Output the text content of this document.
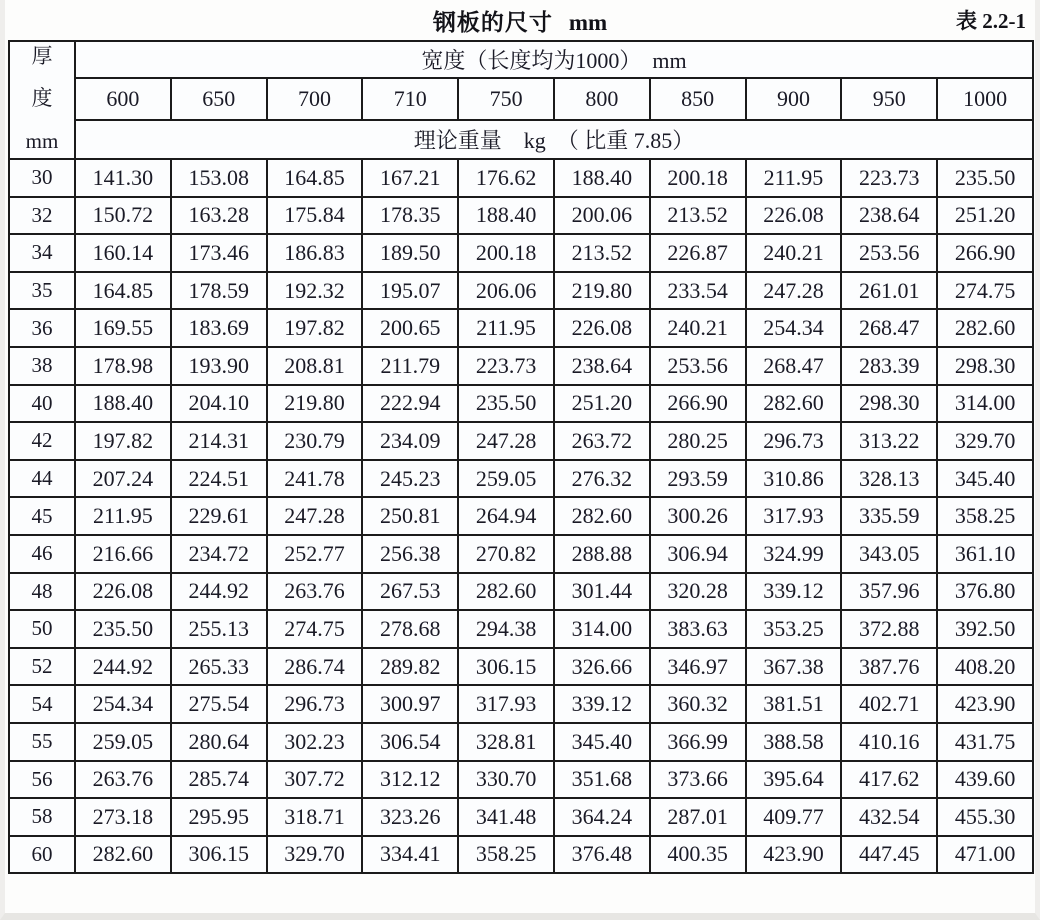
钢板的尺寸 mm	表 2.2-1
厚
度
mm	宽度（长度均为1000）　mm									
	600	650	700	710	750	800	850	900	950	1000
	理论重量　kg　（ 比重 7.85）									
30	141.30	153.08	164.85	167.21	176.62	188.40	200.18	211.95	223.73	235.50
32	150.72	163.28	175.84	178.35	188.40	200.06	213.52	226.08	238.64	251.20
34	160.14	173.46	186.83	189.50	200.18	213.52	226.87	240.21	253.56	266.90
35	164.85	178.59	192.32	195.07	206.06	219.80	233.54	247.28	261.01	274.75
36	169.55	183.69	197.82	200.65	211.95	226.08	240.21	254.34	268.47	282.60
38	178.98	193.90	208.81	211.79	223.73	238.64	253.56	268.47	283.39	298.30
40	188.40	204.10	219.80	222.94	235.50	251.20	266.90	282.60	298.30	314.00
42	197.82	214.31	230.79	234.09	247.28	263.72	280.25	296.73	313.22	329.70
44	207.24	224.51	241.78	245.23	259.05	276.32	293.59	310.86	328.13	345.40
45	211.95	229.61	247.28	250.81	264.94	282.60	300.26	317.93	335.59	358.25
46	216.66	234.72	252.77	256.38	270.82	288.88	306.94	324.99	343.05	361.10
48	226.08	244.92	263.76	267.53	282.60	301.44	320.28	339.12	357.96	376.80
50	235.50	255.13	274.75	278.68	294.38	314.00	383.63	353.25	372.88	392.50
52	244.92	265.33	286.74	289.82	306.15	326.66	346.97	367.38	387.76	408.20
54	254.34	275.54	296.73	300.97	317.93	339.12	360.32	381.51	402.71	423.90
55	259.05	280.64	302.23	306.54	328.81	345.40	366.99	388.58	410.16	431.75
56	263.76	285.74	307.72	312.12	330.70	351.68	373.66	395.64	417.62	439.60
58	273.18	295.95	318.71	323.26	341.48	364.24	287.01	409.77	432.54	455.30
60	282.60	306.15	329.70	334.41	358.25	376.48	400.35	423.90	447.45	471.00
